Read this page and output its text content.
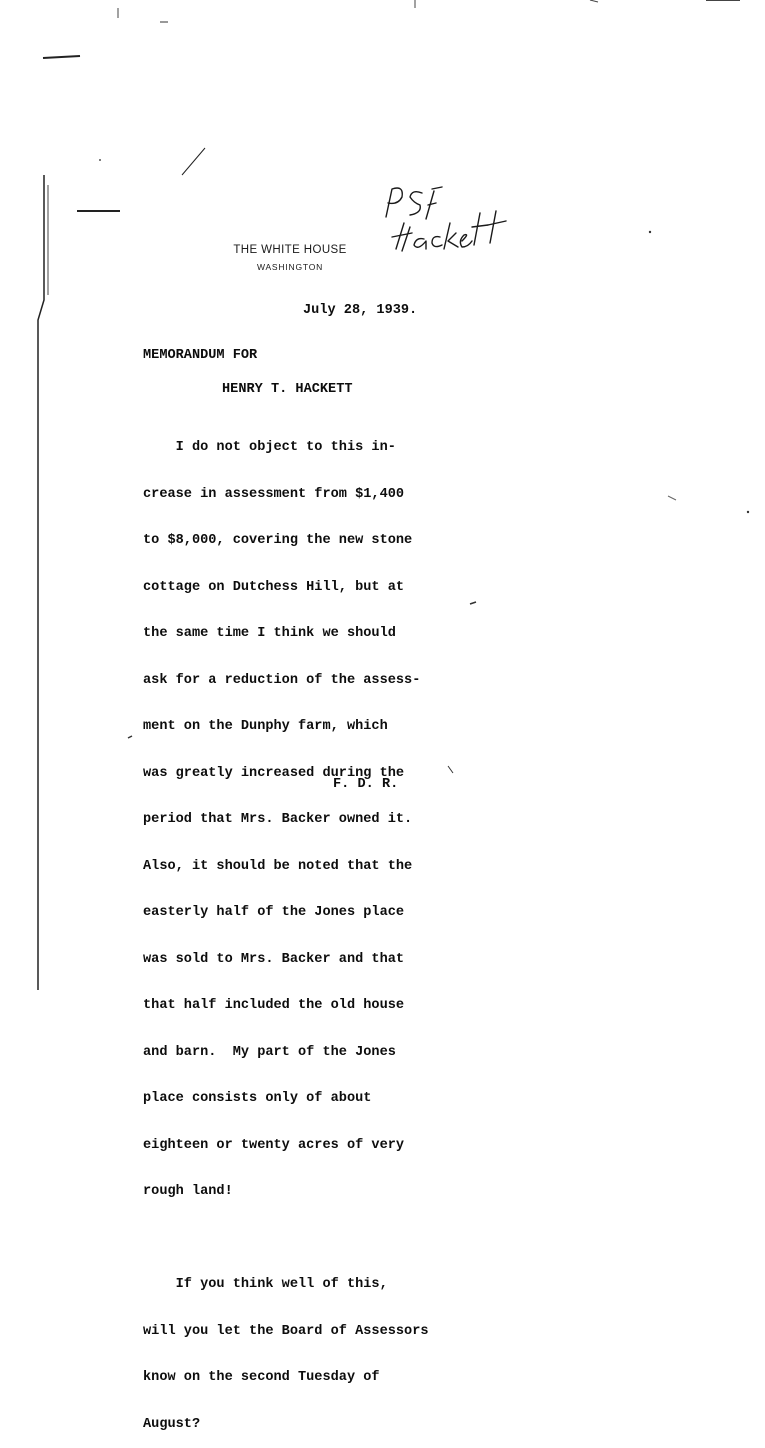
THE WHITE HOUSE
WASHINGTON
July 28, 1939.
MEMORANDUM FOR
HENRY T. HACKETT

I do not object to this in-

crease in assessment from $1,400

to $8,000, covering the new stone

cottage on Dutchess Hill, but at

the same time I think we should

ask for a reduction of the assess-

ment on the Dunphy farm, which

was greatly increased during the

period that Mrs. Backer owned it.

Also, it should be noted that the

easterly half of the Jones place

was sold to Mrs. Backer and that

that half included the old house

and barn.  My part of the Jones

place consists only of about

eighteen or twenty acres of very

rough land!

If you think well of this,

will you let the Board of Assessors

know on the second Tuesday of

August?

F. D. R.
